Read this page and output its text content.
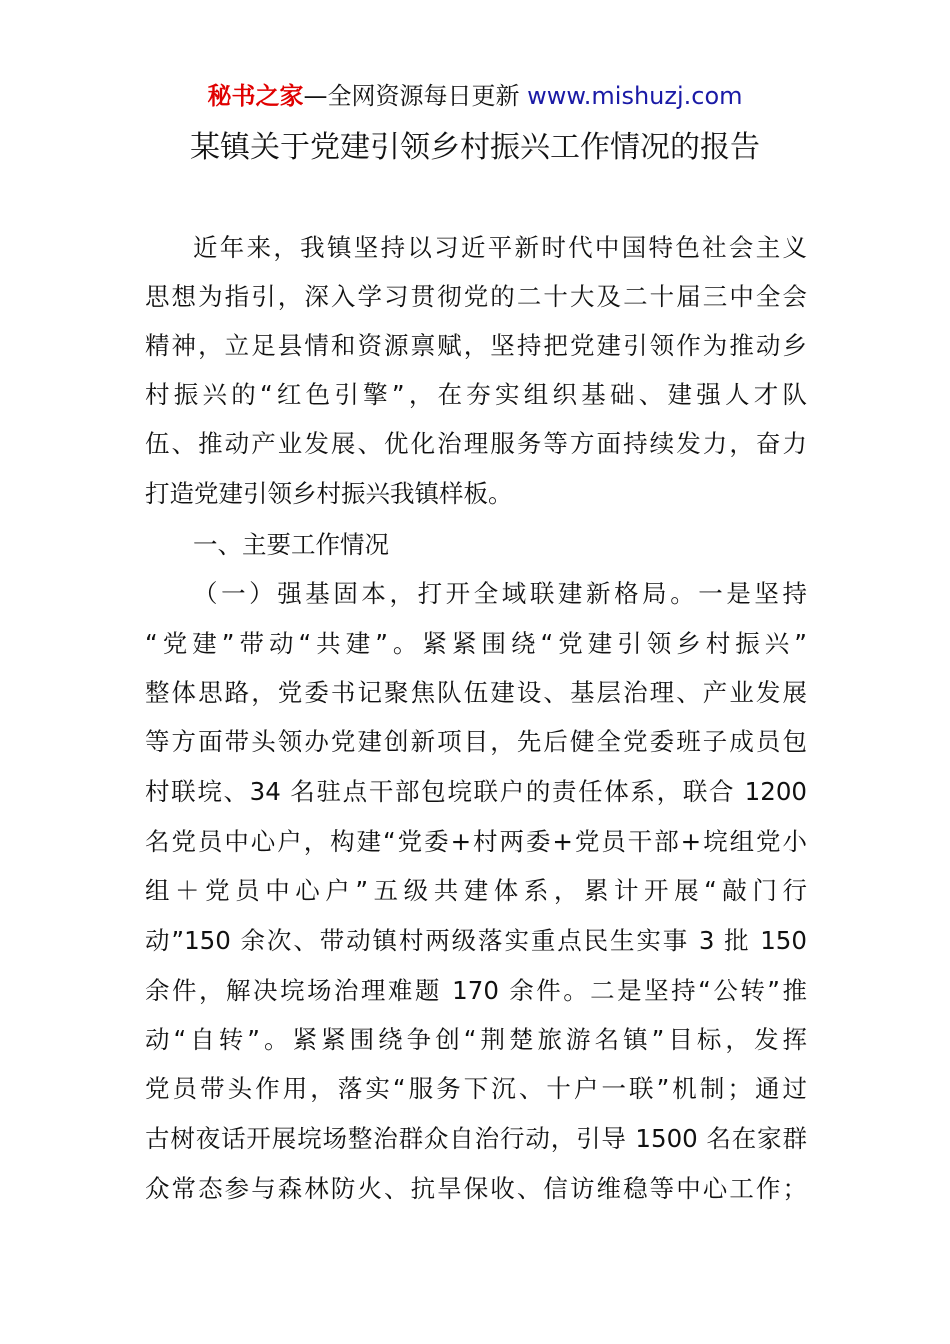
秘书之家—全网资源每日更新 www.mishuzj.com
某镇关于党建引领乡村振兴工作情况的报告

近年来，我镇坚持以习近平新时代中国特色社会主义

思想为指引，深入学习贯彻党的二十大及二十届三中全会

精神，立足县情和资源禀赋，坚持把党建引领作为推动乡

村振兴的“红色引擎”，在夯实组织基础、建强人才队

伍、推动产业发展、优化治理服务等方面持续发力，奋力

打造党建引领乡村振兴我镇样板。

一、主要工作情况

（一）强基固本，打开全域联建新格局。一是坚持

“党建”带动“共建”。紧紧围绕“党建引领乡村振兴”

整体思路，党委书记聚焦队伍建设、基层治理、产业发展

等方面带头领办党建创新项目，先后健全党委班子成员包

村联垸、34 名驻点干部包垸联户的责任体系，联合 1200

名党员中心户，构建“党委+村两委+党员干部+垸组党小

组＋党员中心户”五级共建体系，累计开展“敲门行

动”150 余次、带动镇村两级落实重点民生实事 3 批 150

余件，解决垸场治理难题 170 余件。二是坚持“公转”推

动“自转”。紧紧围绕争创“荆楚旅游名镇”目标，发挥

党员带头作用，落实“服务下沉、十户一联”机制；通过

古树夜话开展垸场整治群众自治行动，引导 1500 名在家群

众常态参与森林防火、抗旱保收、信访维稳等中心工作；
